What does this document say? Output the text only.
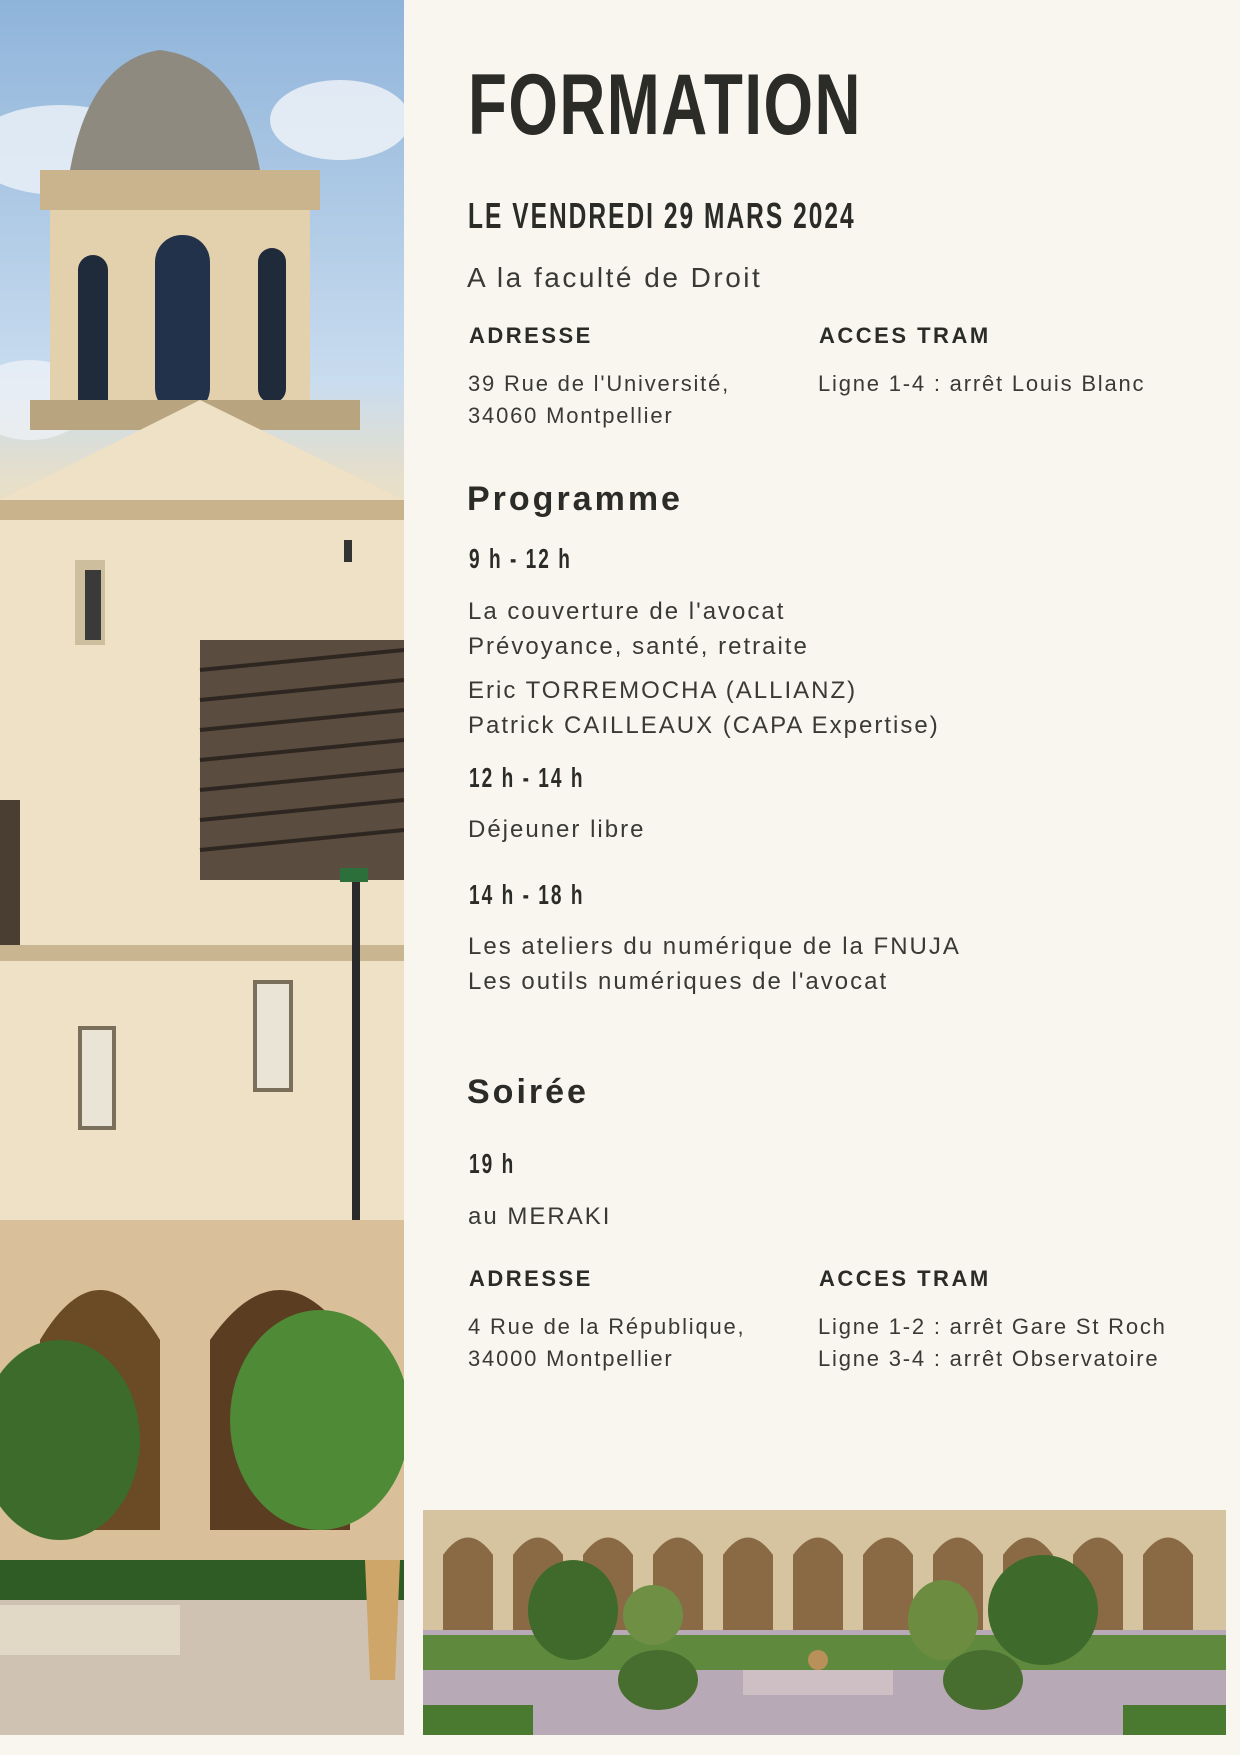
FORMATION
LE VENDREDI 29 MARS 2024
A la faculté de Droit
ADRESSE	ACCES TRAM
39 Rue de l'Université,
34060 Montpellier
Ligne 1-4 : arrêt Louis Blanc
Programme
9 h - 12 h
La couverture de l'avocat
Prévoyance, santé, retraite
Eric TORREMOCHA (ALLIANZ)
Patrick CAILLEAUX (CAPA Expertise)
12 h - 14 h
Déjeuner libre
14 h - 18 h
Les ateliers du numérique de la FNUJA
Les outils numériques de l'avocat
Soirée
19 h
au MERAKI
ADRESSE	ACCES TRAM
4 Rue de la République,
34000 Montpellier
Ligne 1-2 : arrêt Gare St Roch
Ligne 3-4 : arrêt Observatoire
